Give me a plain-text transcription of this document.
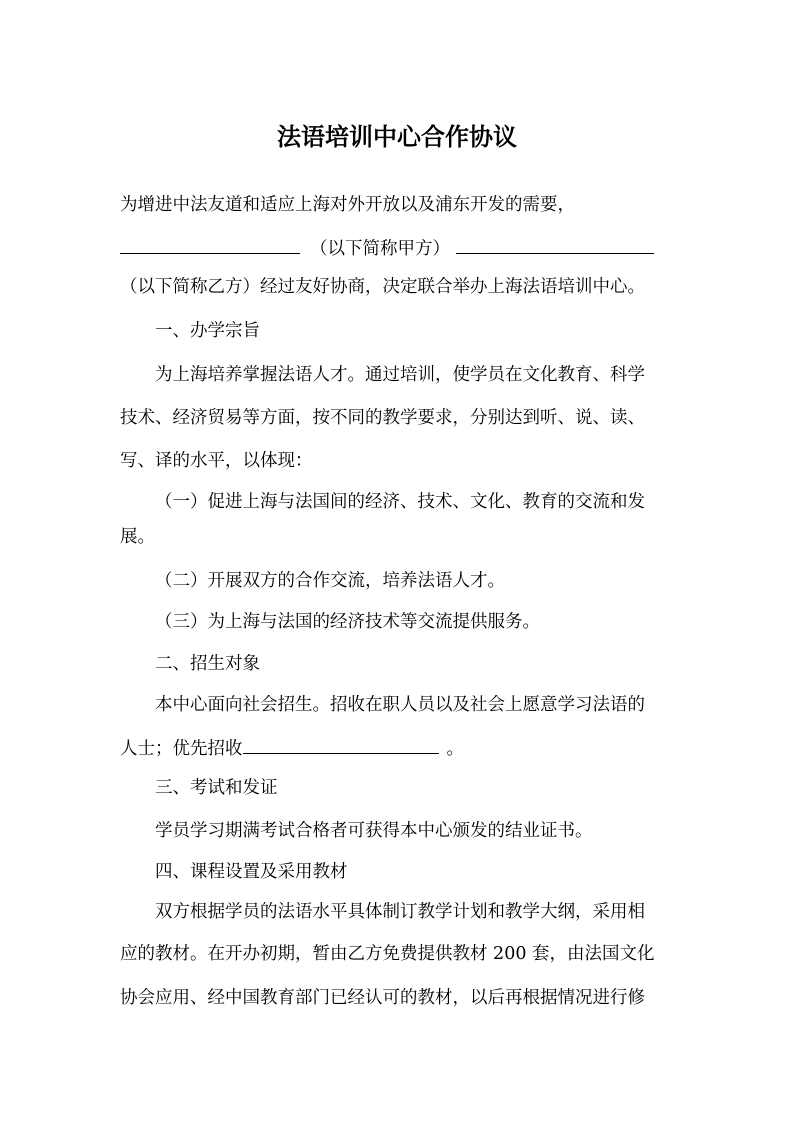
法语培训中心合作协议
为增进中法友道和适应上海对外开放以及浦东开发的需要，
（以下简称甲方）
（以下简称乙方）经过友好协商，决定联合举办上海法语培训中心。
一、办学宗旨
为上海培养掌握法语人才。通过培训，使学员在文化教育、科学
技术、经济贸易等方面，按不同的教学要求，分别达到听、说、读、
写、译的水平，以体现：
（一）促进上海与法国间的经济、技术、文化、教育的交流和发
展。
（二）开展双方的合作交流，培养法语人才。
（三）为上海与法国的经济技术等交流提供服务。
二、招生对象
本中心面向社会招生。招收在职人员以及社会上愿意学习法语的
人士；优先招收	。
三、考试和发证
学员学习期满考试合格者可获得本中心颁发的结业证书。
四、课程设置及采用教材
双方根据学员的法语水平具体制订教学计划和教学大纲，采用相
应的教材。在开办初期，暂由乙方免费提供教材 200 套，由法国文化
协会应用、经中国教育部门已经认可的教材，以后再根据情况进行修
